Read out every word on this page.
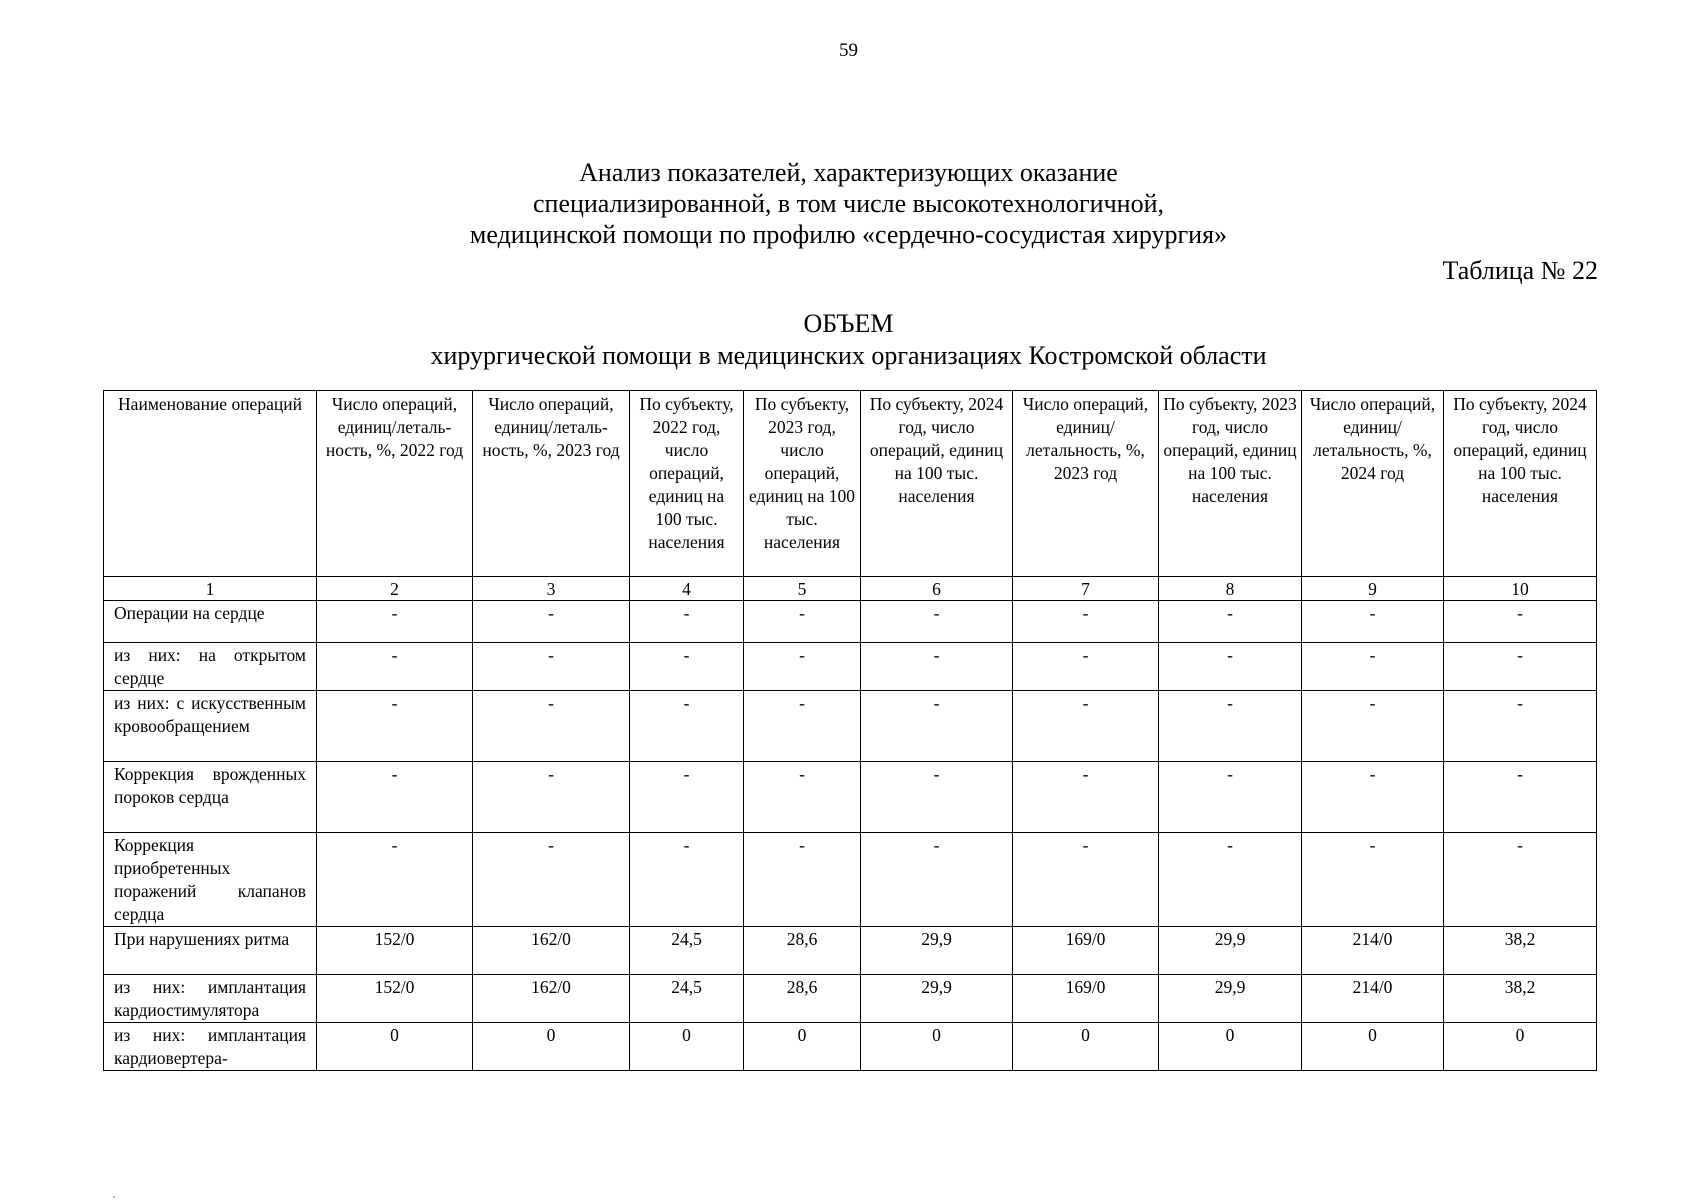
59
Анализ показателей, характеризующих оказание
специализированной, в том числе высокотехнологичной,
медицинской помощи по профилю «сердечно-сосудистая хирургия»
Таблица № 22
ОБЪЕМ
хирургической помощи в медицинских организациях Костромской области
Наименование операций	Число операций, единиц/леталь-ность, %, 2022 год	Число операций, единиц/леталь-ность, %, 2023 год	По субъекту, 2022 год, число операций, единиц на 100 тыс. населения	По субъекту, 2023 год, число операций, единиц на 100 тыс. населения	По субъекту, 2024 год, число операций, единиц на 100 тыс. населения	Число операций, единиц/ летальность, %, 2023 год	По субъекту, 2023 год, число операций, единиц на 100 тыс. населения	Число операций, единиц/ летальность, %, 2024 год	По субъекту, 2024 год, число операций, единиц на 100 тыс. населения
1	2	3	4	5	6	7	8	9	10
Операции на сердце	-	-	-	-	-	-	-	-	-
из них: на открытом сердце	-	-	-	-	-	-	-	-	-
из них: с искусственным кровообращением	-	-	-	-	-	-	-	-	-
Коррекция врожденных пороков сердца	-	-	-	-	-	-	-	-	-
Коррекция приобретенных поражений клапанов сердца	-	-	-	-	-	-	-	-	-
При нарушениях ритма	152/0	162/0	24,5	28,6	29,9	169/0	29,9	214/0	38,2
из них: имплантация кардиостимулятора	152/0	162/0	24,5	28,6	29,9	169/0	29,9	214/0	38,2
из них: имплантация кардиовертера-	0	0	0	0	0	0	0	0	0
